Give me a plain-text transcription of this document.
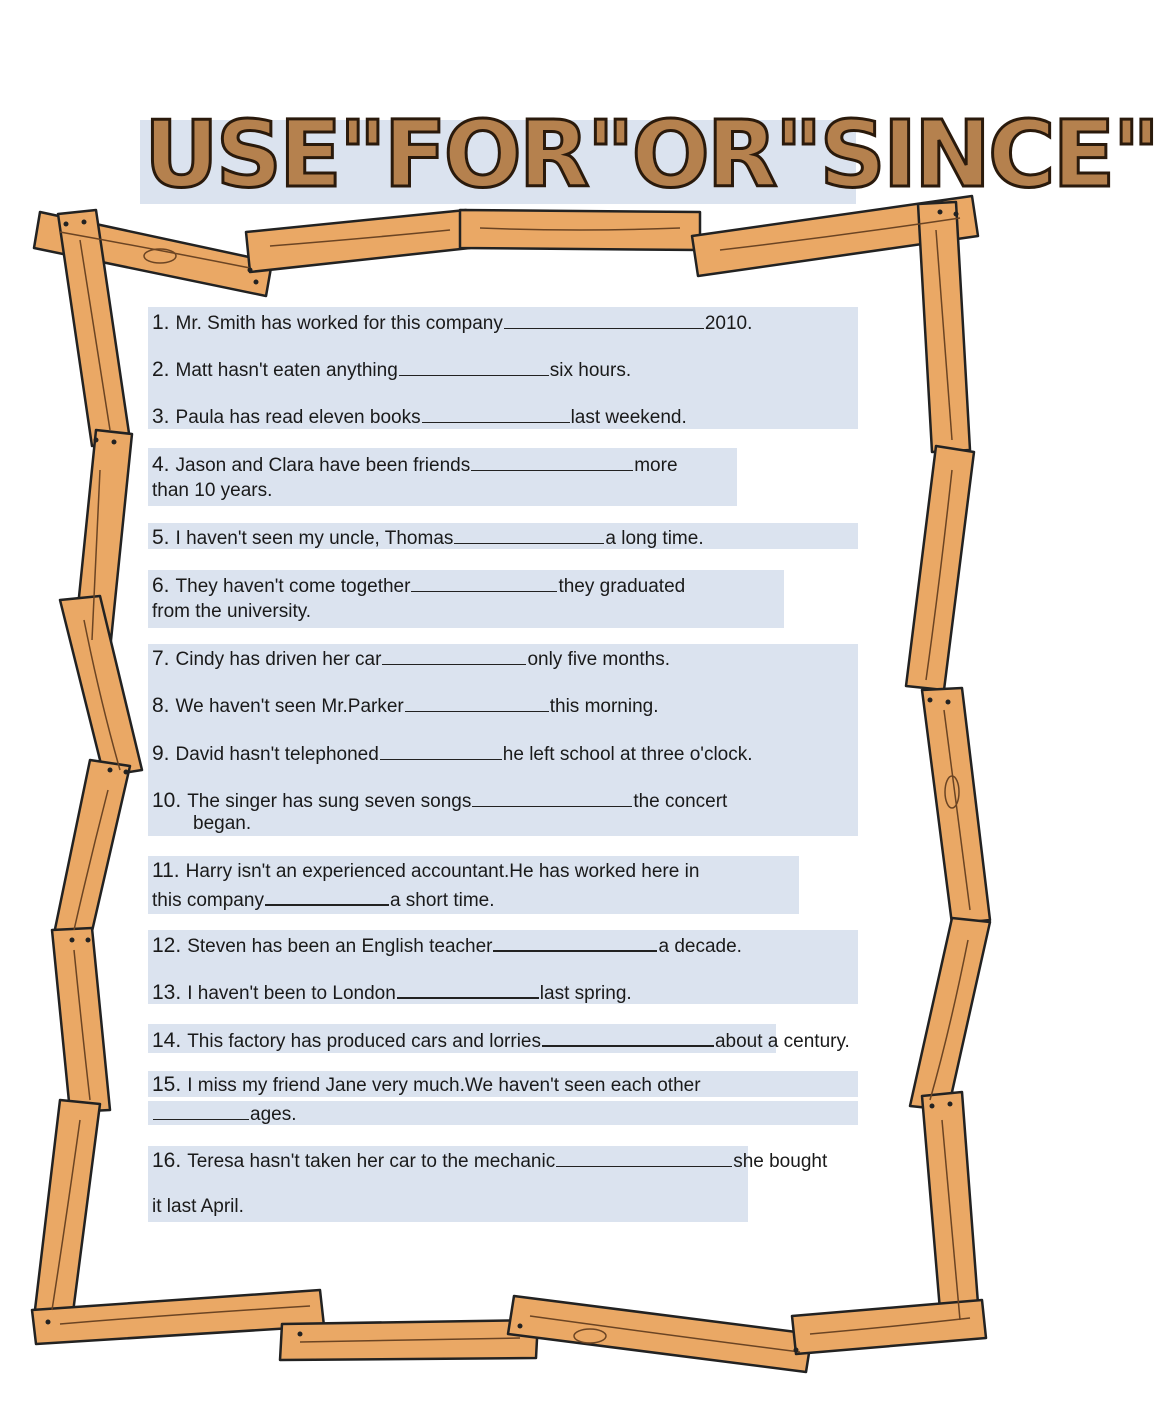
USE"FOR"OR"SINCE"
1. Mr. Smith has worked for this company	2010.
2. Matt hasn't eaten anything	six hours.
3. Paula has read eleven books	last weekend.
4. Jason and Clara have been friends	more
than 10 years.
5. I haven't seen my uncle, Thomas	a long time.
6. They haven't come together	they graduated
from the university.
7. Cindy has driven her car	only five months.
8. We haven't seen Mr.Parker	this morning.
9. David hasn't telephoned	he left school at three o'clock.
10. The singer has sung seven songs	the concert
began.
11. Harry isn't an experienced accountant.He has worked here in
this company	a short time.
12. Steven has been an English teacher	a decade.
13. I haven't been to London	last spring.
14. This factory has produced cars and lorries	about a century.
15. I miss my friend Jane very much.We haven't seen each other
ages.
16. Teresa hasn't taken her car to the mechanic	she bought
it last April.
